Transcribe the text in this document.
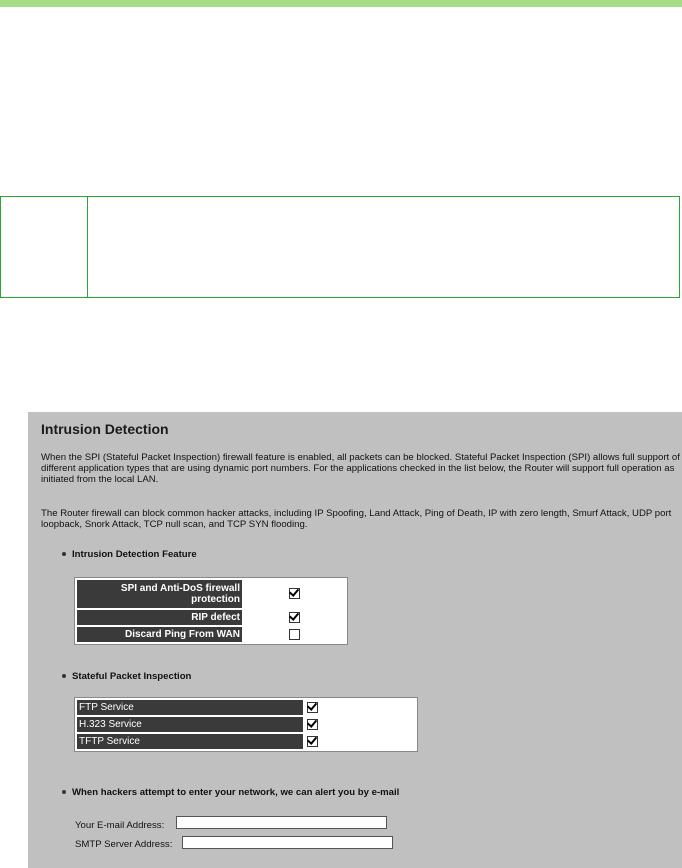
Intrusion Detection

When the SPI (Stateful Packet Inspection) firewall feature is enabled, all packets can be blocked. Stateful Packet Inspection (SPI) allows full support of different application types that are using dynamic port numbers. For the applications checked in the list below, the Router will support full operation as initiated from the local LAN.

The Router firewall can block common hacker attacks, including IP Spoofing, Land Attack, Ping of Death, IP with zero length, Smurf Attack, UDP port loopback, Snork Attack, TCP null scan, and TCP SYN flooding.

Intrusion Detection Feature
SPI and Anti-DoS firewall protection	
RIP defect	
Discard Ping From WAN	
Stateful Packet Inspection
FTP Service	
H.323 Service	
TFTP Service	
When hackers attempt to enter your network, we can alert you by e-mail
Your E-mail Address:
SMTP Server Address:
